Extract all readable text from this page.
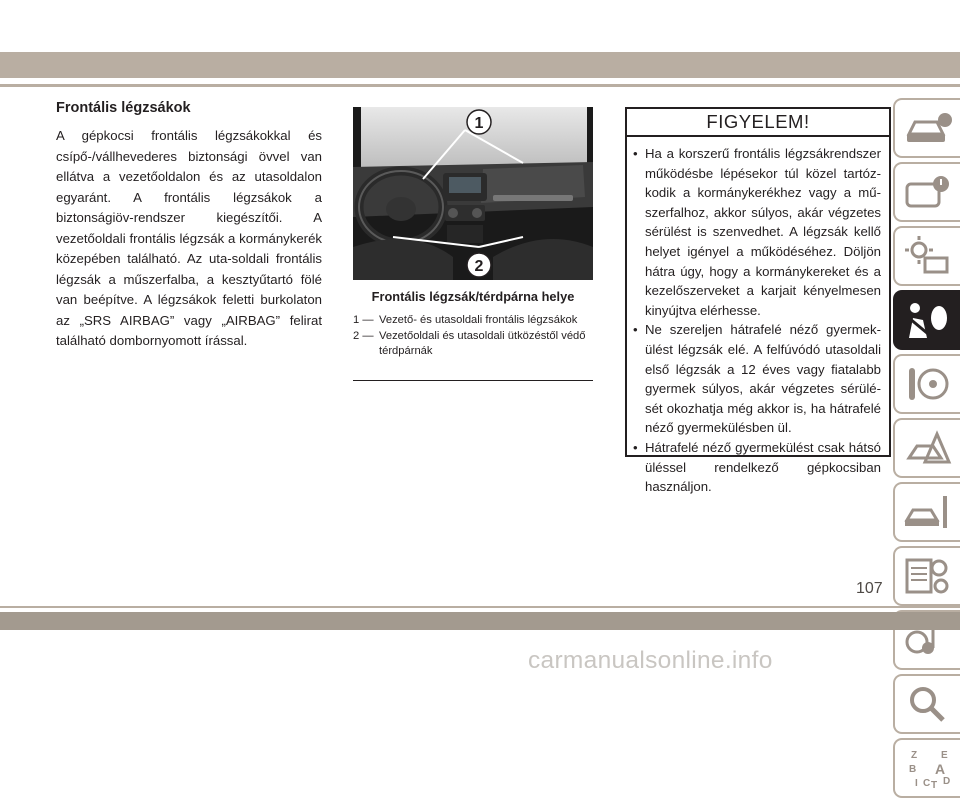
Frontális légzsákok

A gépkocsi frontális légzsákokkal és csípő-/vállhevederes biztonsági övvel van ellátva a vezetőoldalon és az utasoldalon egyaránt. A frontális légzsákok a biztonságiöv-rendszer kiegészítői. A vezetőoldali frontális légzsák a kormánykerék közepében található. Az uta-soldali frontális légzsák a műszerfalba, a kesztyűtartó fölé van beépítve. A légzsákok feletti burkolaton az „SRS AIRBAG” vagy „AIRBAG” felirat található dombornyomott írással.

1
2
Frontális légzsák/térdpárna helye
1 — Vezető- és utasoldali frontális légzsákok
2 — Vezetőoldali és utasoldali ütközéstől védő térdpárnák
FIGYELEM!
• Ha a korszerű frontális légzsákrendszer működésbe lépésekor túl közel tartóz-kodik a kormánykerékhez vagy a mű-szerfalhoz, akkor súlyos, akár végzetes sérülést is szenvedhet. A légzsák kellő helyet igényel a működéséhez. Döljön hátra úgy, hogy a kormánykereket és a kezelőszerveket a karjait kényelmesen kinyújtva elérhesse.
• Ne szereljen hátrafelé néző gyermek-ülést légzsák elé. A felfúvódó utasoldali első légzsák a 12 éves vagy fiatalabb gyermek súlyos, akár végzetes sérülé-sét okozhatja még akkor is, ha hátrafelé néző gyermekülésben ül.
• Hátrafelé néző gyermekülést csak hátsó üléssel rendelkező gépkocsiban használjon.
Z E
B A
I C T D
107
carmanualsonline.info
